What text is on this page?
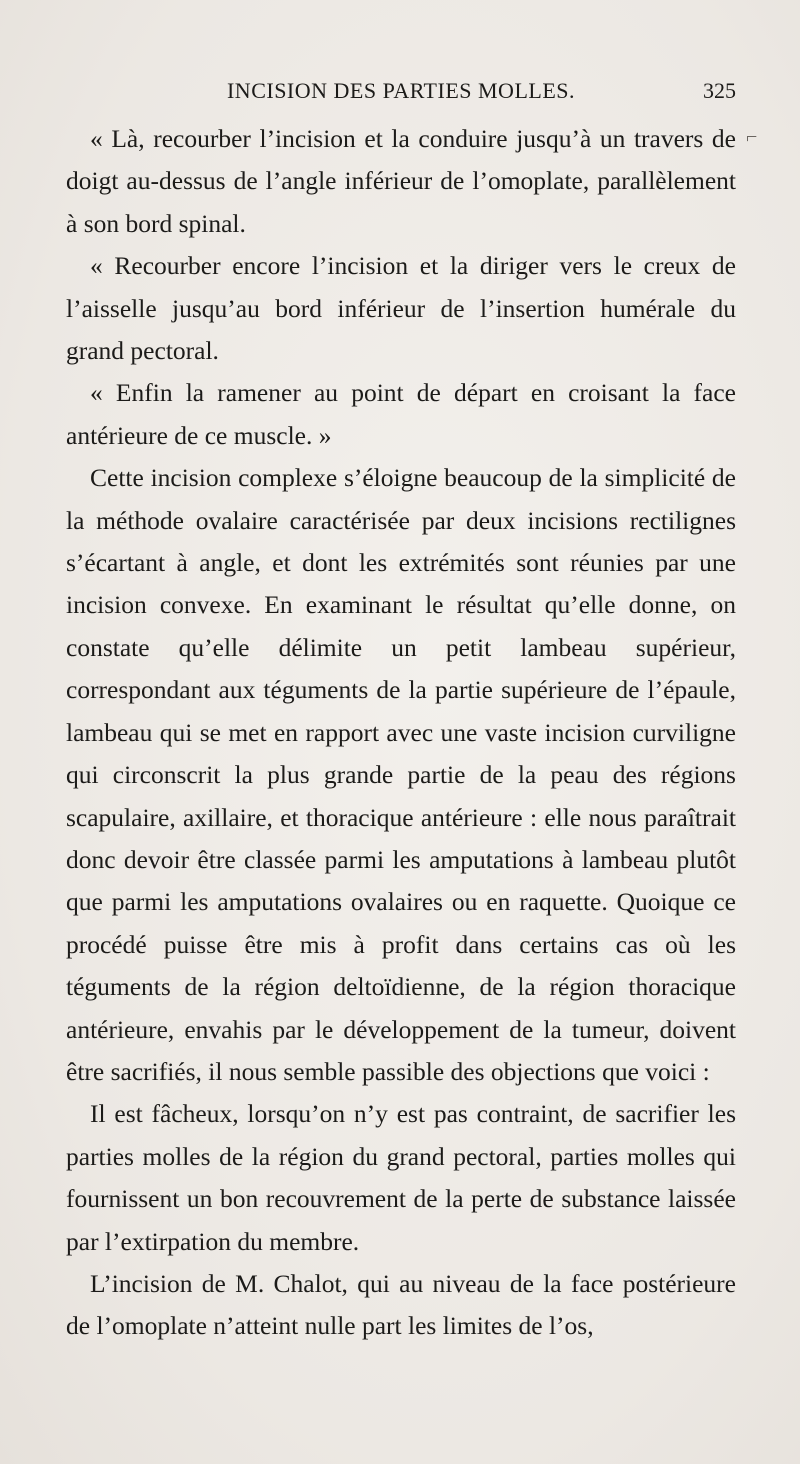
INCISION DES PARTIES MOLLES.	325
⌐

« Là, recourber l’incision et la conduire jusqu’à un travers de doigt au-dessus de l’angle inférieur de l’omoplate, parallèlement à son bord spinal.

« Recourber encore l’incision et la diriger vers le creux de l’aisselle jusqu’au bord inférieur de l’insertion humérale du grand pectoral.

« Enfin la ramener au point de départ en croisant la face antérieure de ce muscle. »

Cette incision complexe s’éloigne beaucoup de la simplicité de la méthode ovalaire caractérisée par deux incisions rectilignes s’écartant à angle, et dont les extrémités sont réunies par une incision convexe. En examinant le résultat qu’elle donne, on constate qu’elle délimite un petit lambeau supérieur, correspondant aux téguments de la partie supérieure de l’épaule, lambeau qui se met en rapport avec une vaste incision curviligne qui circonscrit la plus grande partie de la peau des régions scapulaire, axillaire, et thoracique antérieure : elle nous paraîtrait donc devoir être classée parmi les amputations à lambeau plutôt que parmi les amputations ovalaires ou en raquette. Quoique ce procédé puisse être mis à profit dans certains cas où les téguments de la région deltoïdienne, de la région thoracique antérieure, envahis par le développement de la tumeur, doivent être sacrifiés, il nous semble passible des objections que voici :

Il est fâcheux, lorsqu’on n’y est pas contraint, de sacrifier les parties molles de la région du grand pectoral, parties molles qui fournissent un bon recouvrement de la perte de substance laissée par l’extirpation du membre.

L’incision de M. Chalot, qui au niveau de la face postérieure de l’omoplate n’atteint nulle part les limites de l’os,
